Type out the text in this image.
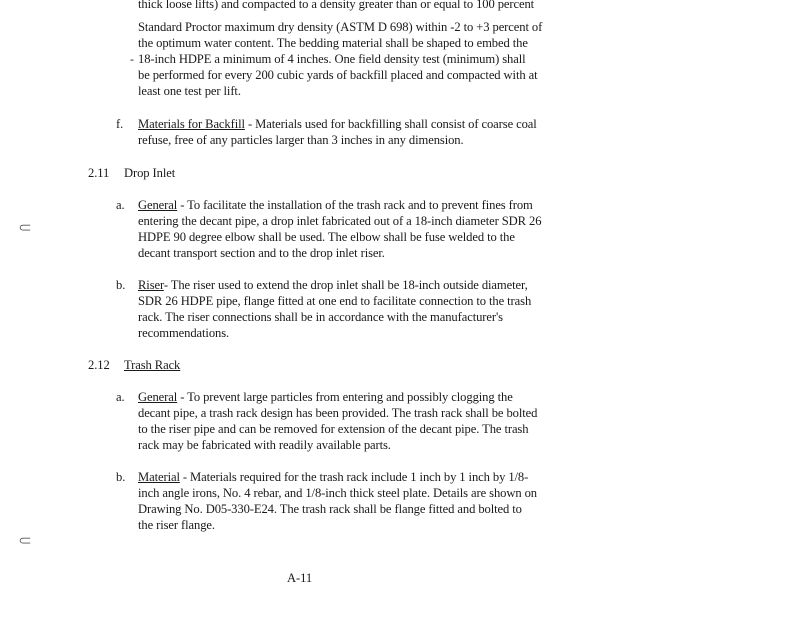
thick loose lifts) and compacted to a density greater than or equal to 100 percent
Standard Proctor maximum dry density (ASTM D 698) within -2 to +3 percent of
the optimum water content. The bedding material shall be shaped to embed the
- 18-inch HDPE a minimum of 4 inches. One field density test (minimum) shall
be performed for every 200 cubic yards of backfill placed and compacted with at
least one test per lift.
f. Materials for Backfill - Materials used for backfilling shall consist of coarse coal
refuse, free of any particles larger than 3 inches in any dimension.
2.11 Drop Inlet
a. General - To facilitate the installation of the trash rack and to prevent fines from
entering the decant pipe, a drop inlet fabricated out of a 18-inch diameter SDR 26
HDPE 90 degree elbow shall be used. The elbow shall be fuse welded to the
decant transport section and to the drop inlet riser.
⸦
b. Riser- The riser used to extend the drop inlet shall be 18-inch outside diameter,
SDR 26 HDPE pipe, flange fitted at one end to facilitate connection to the trash
rack. The riser connections shall be in accordance with the manufacturer's
recommendations.
2.12 Trash Rack
a. General - To prevent large particles from entering and possibly clogging the
decant pipe, a trash rack design has been provided. The trash rack shall be bolted
to the riser pipe and can be removed for extension of the decant pipe. The trash
rack may be fabricated with readily available parts.
b. Material - Materials required for the trash rack include 1 inch by 1 inch by 1/8-
inch angle irons, No. 4 rebar, and 1/8-inch thick steel plate. Details are shown on
Drawing No. D05-330-E24. The trash rack shall be flange fitted and bolted to
the riser flange.
⸦
A-11
